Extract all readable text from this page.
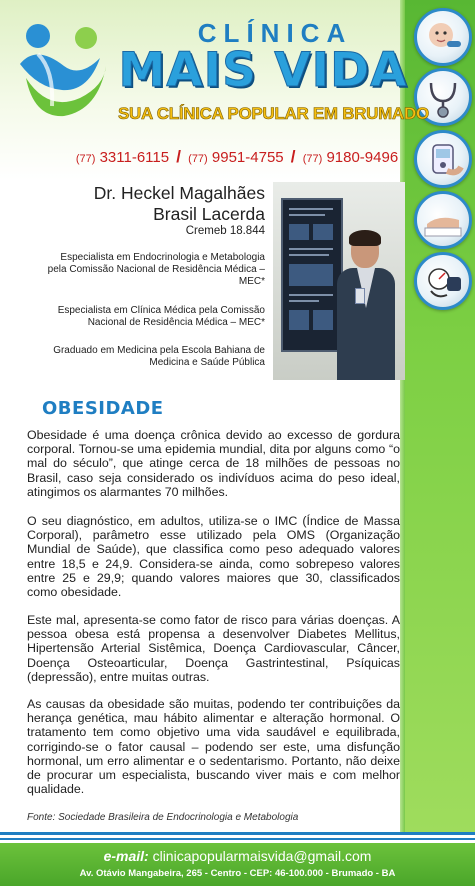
CLÍNICA
MAIS VIDA
SUA CLÍNICA POPULAR EM BRUMADO
(77) 3311-6115 / (77) 9951-4755 / (77) 9180-9496
Dr. Heckel Magalhães
Brasil Lacerda
Cremeb 18.844
Especialista em Endocrinologia e Metabologia
pela Comissão Nacional de Residência Médica –
MEC*
Especialista em Clínica Médica pela Comissão
Nacional de Residência Médica – MEC*
Graduado em Medicina pela Escola Bahiana de
Medicina e Saúde Pública
OBESIDADE
Obesidade é uma doença crônica devido ao excesso de gordura corporal. Tornou-se uma epidemia mundial, dita por alguns como “o mal do século”, que atinge cerca de 18 milhões de pessoas no Brasil, caso seja considerado os indivíduos acima do peso ideal, atingimos os alarmantes 70 milhões.
O seu diagnóstico, em adultos, utiliza-se o IMC (Índice de Massa Corporal), parâmetro esse utilizado pela OMS (Organização Mundial de Saúde), que classifica como peso adequado valores entre 18,5 e 24,9. Considera-se ainda, como sobrepeso valores entre 25 e 29,9; quando valores maiores que 30, classificados como obesidade.
Este mal, apresenta-se como fator de risco para várias doenças. A pessoa obesa está propensa a desenvolver Diabetes Mellitus, Hipertensão Arterial Sistêmica, Doença Cardiovascular, Câncer, Doença Osteoarticular, Doença Gastrintestinal, Psíquicas (depressão), entre muitas outras.
As causas da obesidade são muitas, podendo ter contribuições da herança genética, mau hábito alimentar e alteração hormonal. O tratamento tem como objetivo uma vida saudável e equilibrada, corrigindo-se o fator causal – podendo ser este, uma disfunção hormonal, um erro alimentar e o sedentarismo. Portanto, não deixe de procurar um especialista, buscando viver mais e com melhor qualidade.
Fonte: Sociedade Brasileira de Endocrinologia e Metabologia
e-mail: clinicapopularmaisvida@gmail.com
Av. Otávio Mangabeira, 265 - Centro - CEP: 46-100.000 - Brumado - BA
